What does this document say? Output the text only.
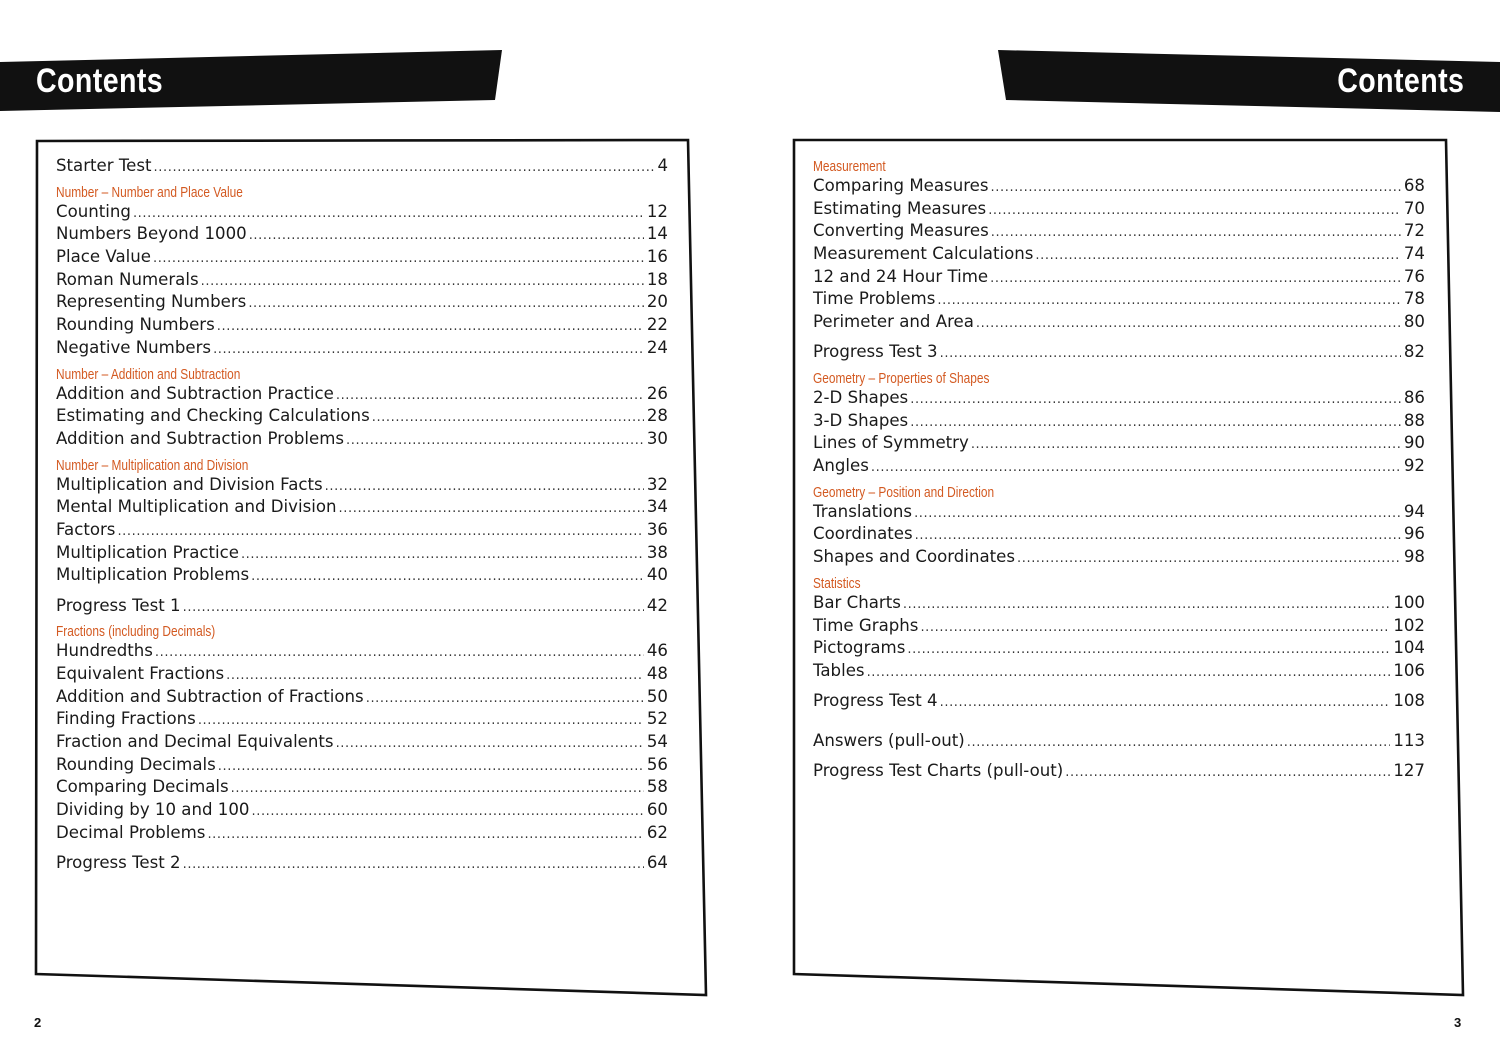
Contents	Contents
Starter Test .....	4
Number – Number and Place Value
Counting .....	12
Numbers Beyond 1000 .....	14
Place Value .....	16
Roman Numerals .....	18
Representing Numbers .....	20
Rounding Numbers .....	22
Negative Numbers .....	24
Number – Addition and Subtraction
Addition and Subtraction Practice .....	26
Estimating and Checking Calculations .....	28
Addition and Subtraction Problems .....	30
Number – Multiplication and Division
Multiplication and Division Facts .....	32
Mental Multiplication and Division .....	34
Factors .....	36
Multiplication Practice .....	38
Multiplication Problems .....	40
Progress Test 1 .....	42
Fractions (including Decimals)
Hundredths .....	46
Equivalent Fractions .....	48
Addition and Subtraction of Fractions .....	50
Finding Fractions .....	52
Fraction and Decimal Equivalents .....	54
Rounding Decimals .....	56
Comparing Decimals .....	58
Dividing by 10 and 100 .....	60
Decimal Problems .....	62
Progress Test 2 .....	64
Measurement
Comparing Measures .....	68
Estimating Measures .....	70
Converting Measures .....	72
Measurement Calculations .....	74
12 and 24 Hour Time .....	76
Time Problems .....	78
Perimeter and Area .....	80
Progress Test 3 .....	82
Geometry – Properties of Shapes
2-D Shapes .....	86
3-D Shapes .....	88
Lines of Symmetry .....	90
Angles .....	92
Geometry – Position and Direction
Translations .....	94
Coordinates .....	96
Shapes and Coordinates .....	98
Statistics
Bar Charts .....	100
Time Graphs .....	102
Pictograms .....	104
Tables .....	106
Progress Test 4 .....	108
Answers (pull-out) .....	113
Progress Test Charts (pull-out) .....	127
2	3
